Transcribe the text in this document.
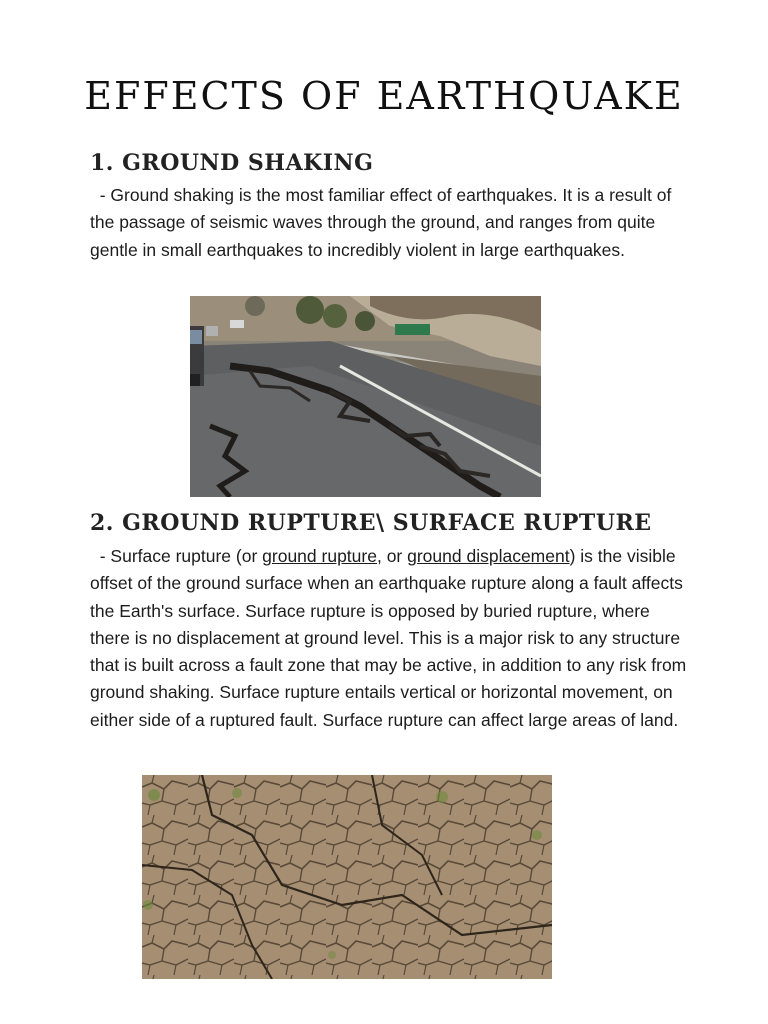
EFFECTS OF EARTHQUAKE
1. GROUND SHAKING
- Ground shaking is the most familiar effect of earthquakes. It is a result of the passage of seismic waves through the ground, and ranges from quite gentle in small earthquakes to incredibly violent in large earthquakes.
2. GROUND RUPTURE\ SURFACE RUPTURE
- Surface rupture (or ground rupture, or ground displacement) is the visible offset of the ground surface when an earthquake rupture along a fault affects the Earth's surface. Surface rupture is opposed by buried rupture, where there is no displacement at ground level. This is a major risk to any structure that is built across a fault zone that may be active, in addition to any risk from ground shaking. Surface rupture entails vertical or horizontal movement, on either side of a ruptured fault. Surface rupture can affect large areas of land.
